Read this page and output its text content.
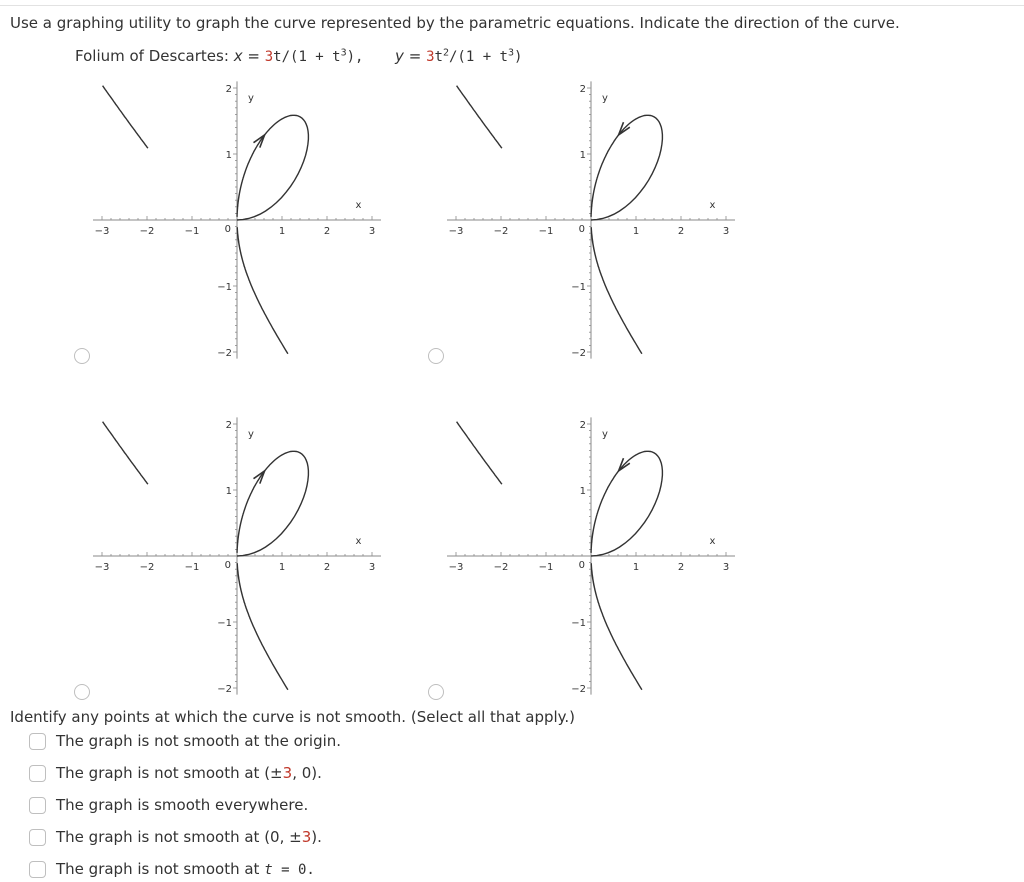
Use a graphing utility to graph the curve represented by the parametric equations. Indicate the direction of the curve.
Folium of Descartes: $x = 3t/(1 + t^3)$, $y = 3t^2/(1 + t^3)$
−3	−2	−1	1	2	3
2
1
−1
−2
0
x
y
−3	−2	−1	1	2	3
2
1
−1
−2
0
x
y
−3	−2	−1	1	2	3
2
1
−1
−2
0
x
y
−3	−2	−1	1	2	3
2
1
−1
−2
0
x
y
Identify any points at which the curve is not smooth. (Select all that apply.)
The graph is not smooth at the origin.
The graph is not smooth at (±3, 0).
The graph is smooth everywhere.
The graph is not smooth at (0, ±3).
The graph is not smooth at t = 0.
